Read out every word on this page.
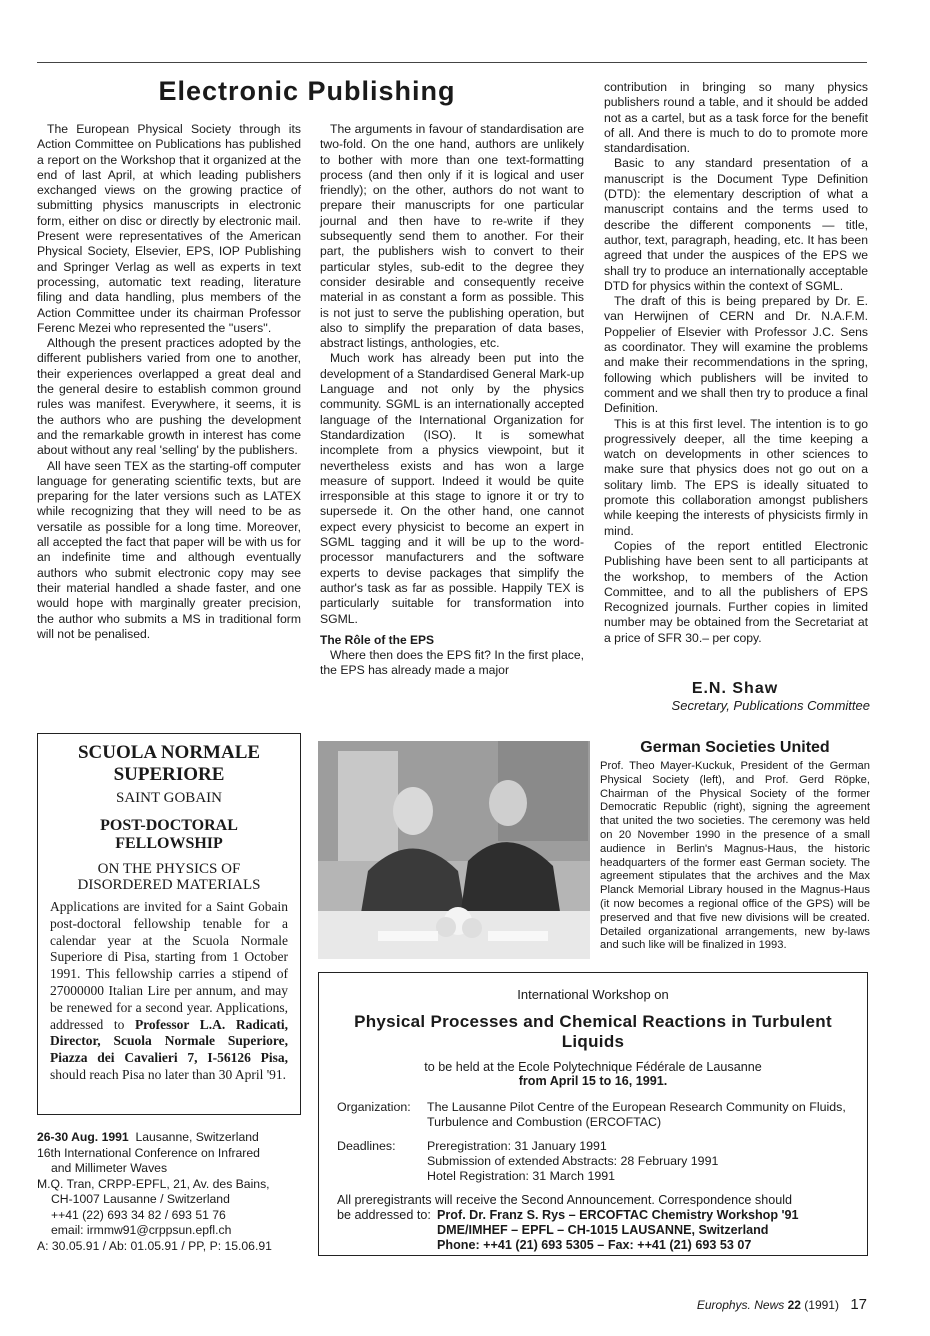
Electronic Publishing

The European Physical Society through its Action Committee on Publications has published a report on the Workshop that it organized at the end of last April, at which leading publishers exchanged views on the growing practice of submitting physics manuscripts in electronic form, either on disc or directly by electronic mail. Present were representatives of the American Physical Society, Elsevier, EPS, IOP Publishing and Springer Verlag as well as experts in text processing, automatic text reading, literature filing and data handling, plus members of the Action Committee under its chairman Professor Ferenc Mezei who represented the ''users''.

Although the present practices adopted by the different publishers varied from one to another, their experiences overlapped a great deal and the general desire to establish common ground rules was manifest. Everywhere, it seems, it is the authors who are pushing the development and the remarkable growth in interest has come about without any real 'selling' by the publishers.

All have seen TEX as the starting-off computer language for generating scientific texts, but are preparing for the later versions such as LATEX while recognizing that they will need to be as versatile as possible for a long time. Moreover, all accepted the fact that paper will be with us for an indefinite time and although eventually authors who submit electronic copy may see their material handled a shade faster, and one would hope with marginally greater precision, the author who submits a MS in traditional form will not be penalised.

The arguments in favour of standardisation are two-fold. On the one hand, authors are unlikely to bother with more than one text-formatting process (and then only if it is logical and user friendly); on the other, authors do not want to prepare their manuscripts for one particular journal and then have to re-write if they subsequently send them to another. For their part, the publishers wish to convert to their particular styles, sub-edit to the degree they consider desirable and consequently receive material in as constant a form as possible. This is not just to serve the publishing operation, but also to simplify the preparation of data bases, abstract listings, anthologies, etc.

Much work has already been put into the development of a Standardised General Mark-up Language and not only by the physics community. SGML is an internationally accepted language of the International Organization for Standardization (ISO). It is somewhat incomplete from a physics viewpoint, but it nevertheless exists and has won a large measure of support. Indeed it would be quite irresponsible at this stage to ignore it or try to supersede it. On the other hand, one cannot expect every physicist to become an expert in SGML tagging and it will be up to the word-processor manufacturers and the software experts to devise packages that simplify the author's task as far as possible. Happily TEX is particularly suitable for transformation into SGML.

The Rôle of the EPS

Where then does the EPS fit? In the first place, the EPS has already made a major

contribution in bringing so many physics publishers round a table, and it should be added not as a cartel, but as a task force for the benefit of all. And there is much to do to promote more standardisation.

Basic to any standard presentation of a manuscript is the Document Type Definition (DTD): the elementary description of what a manuscript contains and the terms used to describe the different components — title, author, text, paragraph, heading, etc. It has been agreed that under the auspices of the EPS we shall try to produce an internationally acceptable DTD for physics within the context of SGML.

The draft of this is being prepared by Dr. E. van Herwijnen of CERN and Dr. N.A.F.M. Poppelier of Elsevier with Professor J.C. Sens as coordinator. They will examine the problems and make their recommendations in the spring, following which publishers will be invited to comment and we shall then try to produce a final Definition.

This is at this first level. The intention is to go progressively deeper, all the time keeping a watch on developments in other sciences to make sure that physics does not go out on a solitary limb. The EPS is ideally situated to promote this collaboration amongst publishers while keeping the interests of physicists firmly in mind.

Copies of the report entitled Electronic Publishing have been sent to all participants at the workshop, to members of the Action Committee, and to all the publishers of EPS Recognized journals. Further copies in limited number may be obtained from the Secretariat at a price of SFR 30.– per copy.

E.N. Shaw
Secretary, Publications Committee
SCUOLA NORMALE SUPERIORE
SAINT GOBAIN
POST-DOCTORAL FELLOWSHIP
ON THE PHYSICS OF DISORDERED MATERIALS
Applications are invited for a Saint Gobain post-doctoral fellowship tenable for a calendar year at the Scuola Normale Superiore di Pisa, starting from 1 October 1991. This fellowship carries a stipend of 27000000 Italian Lire per annum, and may be renewed for a second year. Applications, addressed to Professor L.A. Radicati, Director, Scuola Normale Superiore, Piazza dei Cavalieri 7, I-56126 Pisa, should reach Pisa no later than 30 April '91.
26-30 Aug. 1991 Lausanne, Switzerland
16th International Conference on Infrared
and Millimeter Waves
M.Q. Tran, CRPP-EPFL, 21, Av. des Bains,
CH-1007 Lausanne / Switzerland
++41 (22) 693 34 82 / 693 51 76
email: irmmw91@crppsun.epfl.ch
A: 30.05.91 / Ab: 01.05.91 / PP, P: 15.06.91
German Societies United
Prof. Theo Mayer-Kuckuk, President of the German Physical Society (left), and Prof. Gerd Röpke, Chairman of the Physical Society of the former Democratic Republic (right), signing the agreement that united the two societies. The ceremony was held on 20 November 1990 in the presence of a small audience in Berlin's Magnus-Haus, the historic headquarters of the former east German society. The agreement stipulates that the archives and the Max Planck Memorial Library housed in the Magnus-Haus (it now becomes a regional office of the GPS) will be preserved and that five new divisions will be created. Detailed organizational arrangements, new by-laws and such like will be finalized in 1993.
International Workshop on
Physical Processes and Chemical Reactions in Turbulent Liquids
to be held at the Ecole Polytechnique Fédérale de Lausanne
from April 15 to 16, 1991.
Organization:	The Lausanne Pilot Centre of the European Research Community on Fluids, Turbulence and Combustion (ERCOFTAC)
Deadlines:	Preregistration: 31 January 1991
Submission of extended Abstracts: 28 February 1991
Hotel Registration: 31 March 1991
All preregistrants will receive the Second Announcement. Correspondence should
be addressed to: Prof. Dr. Franz S. Rys – ERCOFTAC Chemistry Workshop '91
DME/IMHEF – EPFL – CH-1015 LAUSANNE, Switzerland
Phone: ++41 (21) 693 5305 – Fax: ++41 (21) 693 53 07
Europhys. News 22 (1991) 17
